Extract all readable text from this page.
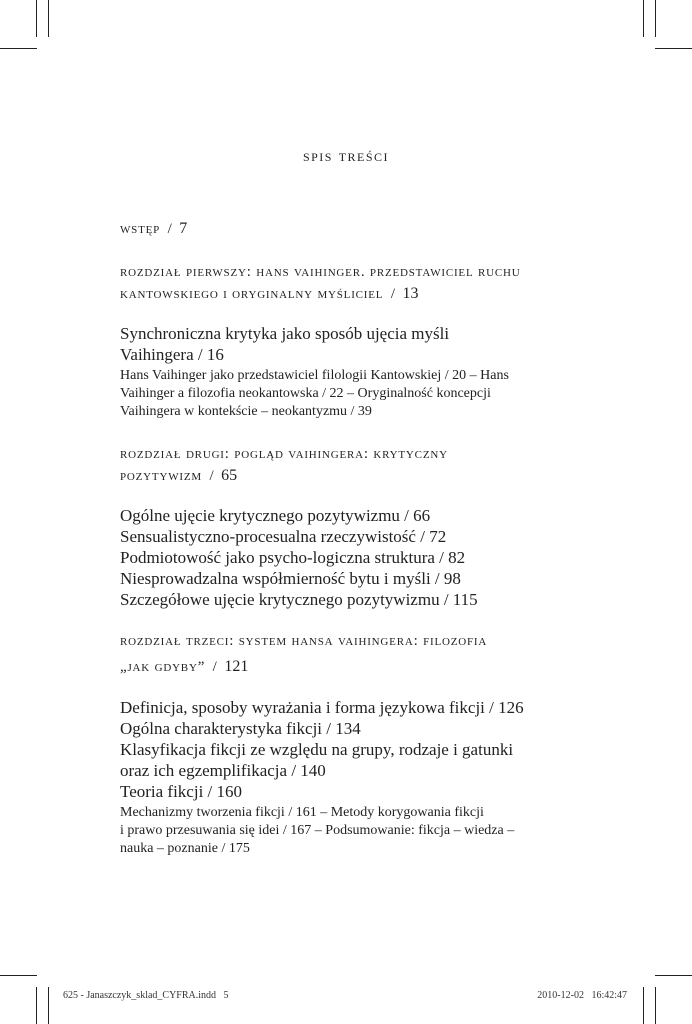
spis treści
wstęp  /  7
rozdział pierwszy: hans vaihinger. przedstawiciel ruchu
kantowskiego i oryginalny myśliciel  /  13
Synchroniczna krytyka jako sposób ujęcia myśli
Vaihingera / 16
Hans Vaihinger jako przedstawiciel filologii Kantowskiej / 20 – Hans
Vaihinger a filozofia neokantowska / 22 – Oryginalność koncepcji
Vaihingera w kontekście – neokantyzmu / 39
rozdział drugi: pogląd vaihingera: krytyczny
pozytywizm  /  65
Ogólne ujęcie krytycznego pozytywizmu / 66
Sensualistyczno-procesualna rzeczywistość / 72
Podmiotowość jako psycho-logiczna struktura / 82
Niesprowadzalna współmierność bytu i myśli / 98
Szczegółowe ujęcie krytycznego pozytywizmu / 115
rozdział trzeci: system hansa vaihingera: filozofia
„jak gdyby”  /  121
Definicja, sposoby wyrażania i forma językowa fikcji / 126
Ogólna charakterystyka fikcji / 134
Klasyfikacja fikcji ze względu na grupy, rodzaje i gatunki
oraz ich egzemplifikacja / 140
Teoria fikcji / 160
Mechanizmy tworzenia fikcji / 161 – Metody korygowania fikcji
i prawo przesuwania się idei / 167 – Podsumowanie: fikcja – wiedza –
nauka – poznanie / 175
625 - Janaszczyk_sklad_CYFRA.indd   5	2010-12-02   16:42:47
